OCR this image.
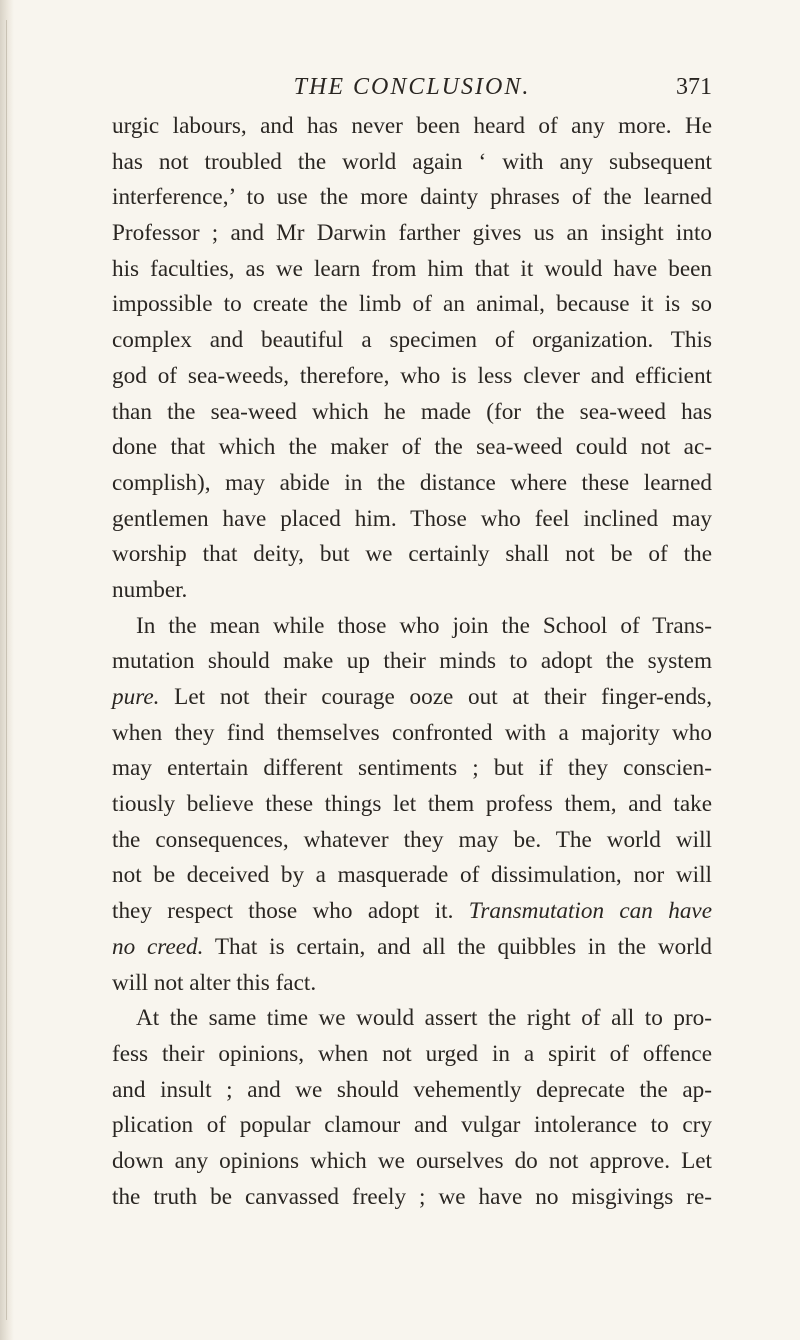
THE CONCLUSION.	371
urgic labours, and has never been heard of any more. He
has not troubled the world again ‘ with any subsequent
interference,’ to use the more dainty phrases of the learned
Professor ; and Mr Darwin farther gives us an insight into
his faculties, as we learn from him that it would have been
impossible to create the limb of an animal, because it is so
complex and beautiful a specimen of organization. This
god of sea-weeds, therefore, who is less clever and efficient
than the sea-weed which he made (for the sea-weed has
done that which the maker of the sea-weed could not ac-
complish), may abide in the distance where these learned
gentlemen have placed him. Those who feel inclined may
worship that deity, but we certainly shall not be of the
number.
In the mean while those who join the School of Trans-
mutation should make up their minds to adopt the system
pure. Let not their courage ooze out at their finger-ends,
when they find themselves confronted with a majority who
may entertain different sentiments ; but if they conscien-
tiously believe these things let them profess them, and take
the consequences, whatever they may be. The world will
not be deceived by a masquerade of dissimulation, nor will
they respect those who adopt it. Transmutation can have
no creed. That is certain, and all the quibbles in the world
will not alter this fact.
At the same time we would assert the right of all to pro-
fess their opinions, when not urged in a spirit of offence
and insult ; and we should vehemently deprecate the ap-
plication of popular clamour and vulgar intolerance to cry
down any opinions which we ourselves do not approve. Let
the truth be canvassed freely ; we have no misgivings re-
